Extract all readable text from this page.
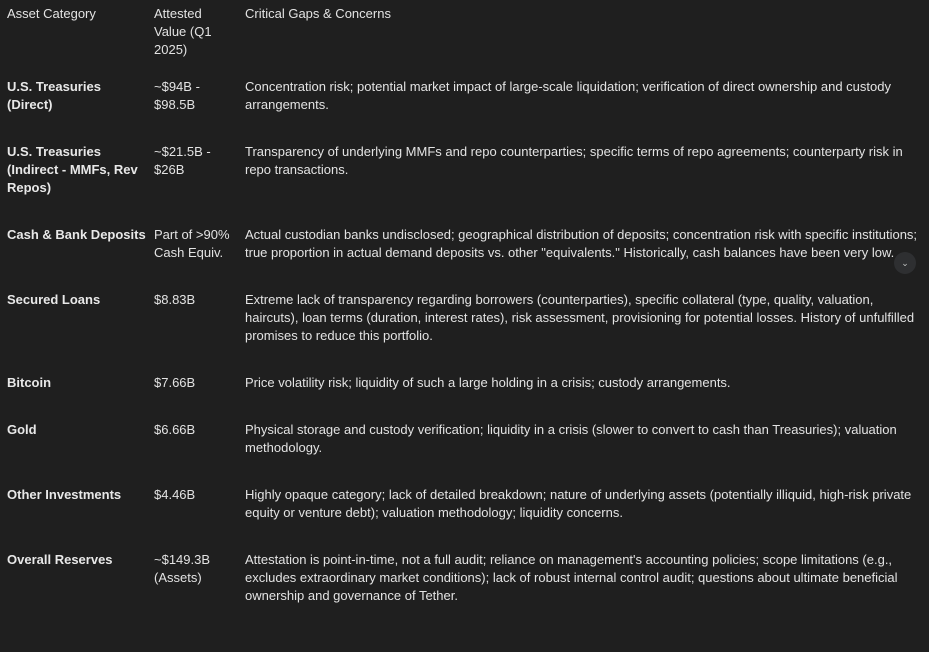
Asset Category	Attested Value (Q1 2025)	Critical Gaps & Concerns
U.S. Treasuries (Direct)	~$94B - $98.5B	Concentration risk; potential market impact of large-scale liquidation; verification of direct ownership and custody arrangements.
U.S. Treasuries (Indirect - MMFs, Rev Repos)	~$21.5B - $26B	Transparency of underlying MMFs and repo counterparties; specific terms of repo agreements; counterparty risk in repo transactions.
Cash & Bank Deposits	Part of >90% Cash Equiv.	Actual custodian banks undisclosed; geographical distribution of deposits; concentration risk with specific institutions; true proportion in actual demand deposits vs. other "equivalents." Historically, cash balances have been very low.
Secured Loans	$8.83B	Extreme lack of transparency regarding borrowers (counterparties), specific collateral (type, quality, valuation, haircuts), loan terms (duration, interest rates), risk assessment, provisioning for potential losses. History of unfulfilled promises to reduce this portfolio.
Bitcoin	$7.66B	Price volatility risk; liquidity of such a large holding in a crisis; custody arrangements.
Gold	$6.66B	Physical storage and custody verification; liquidity in a crisis (slower to convert to cash than Treasuries); valuation methodology.
Other Investments	$4.46B	Highly opaque category; lack of detailed breakdown; nature of underlying assets (potentially illiquid, high-risk private equity or venture debt); valuation methodology; liquidity concerns.
Overall Reserves	~$149.3B (Assets)	Attestation is point-in-time, not a full audit; reliance on management's accounting policies; scope limitations (e.g., excludes extraordinary market conditions); lack of robust internal control audit; questions about ultimate beneficial ownership and governance of Tether.
⌄
